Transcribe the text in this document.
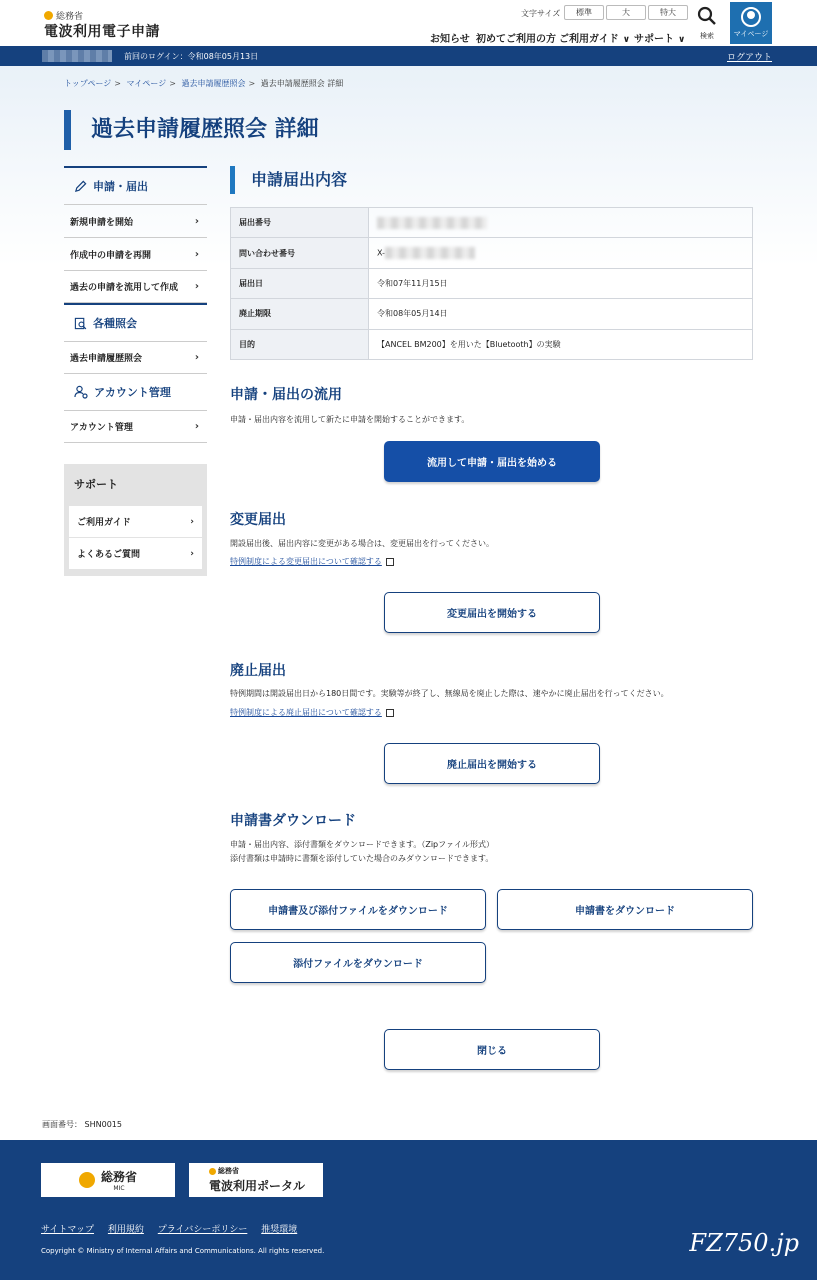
総務省
電波利用電子申請
文字サイズ	標準	大	特大
お知らせ 初めてご利用の方 ご利用ガイド ∨ サポート ∨	検索	マイページ
前回のログイン：令和08年05月13日	ログアウト
トップページ > マイページ > 過去申請履歴照会 > 過去申請履歴照会 詳細
過去申請履歴照会 詳細
申請・届出
新規申請を開始	›
作成中の申請を再開	›
過去の申請を流用して作成 ›
各種照会
過去申請履歴照会	›
アカウント管理
アカウント管理	›
サポート
ご利用ガイド	›
よくあるご質問	›
申請届出内容
届出番号	
問い合わせ番号	X-
届出日	令和07年11月15日
廃止期限	令和08年05月14日
目的	【ANCEL BM200】を用いた【Bluetooth】の実験
申請・届出の流用
申請・届出内容を流用して新たに申請を開始することができます。
流用して申請・届出を始める
変更届出
開設届出後、届出内容に変更がある場合は、変更届出を行ってください。
特例制度による変更届出について確認する
変更届出を開始する
廃止届出
特例期間は開設届出日から180日間です。実験等が終了し、無線局を廃止した際は、速やかに廃止届出を行ってください。
特例制度による廃止届出について確認する
廃止届出を開始する
申請書ダウンロード
申請・届出内容、添付書類をダウンロードできます。（Zipファイル形式）
添付書類は申請時に書類を添付していた場合のみダウンロードできます。
申請書及び添付ファイルをダウンロード	申請書をダウンロード
添付ファイルをダウンロード
閉じる
画面番号： SHN0015
総務省
MIC
総務省
電波利用ポータル
サイトマップ 利用規約 プライバシーポリシー 推奨環境
Copyright © Ministry of Internal Affairs and Communications. All rights reserved.	FZ750.jp
